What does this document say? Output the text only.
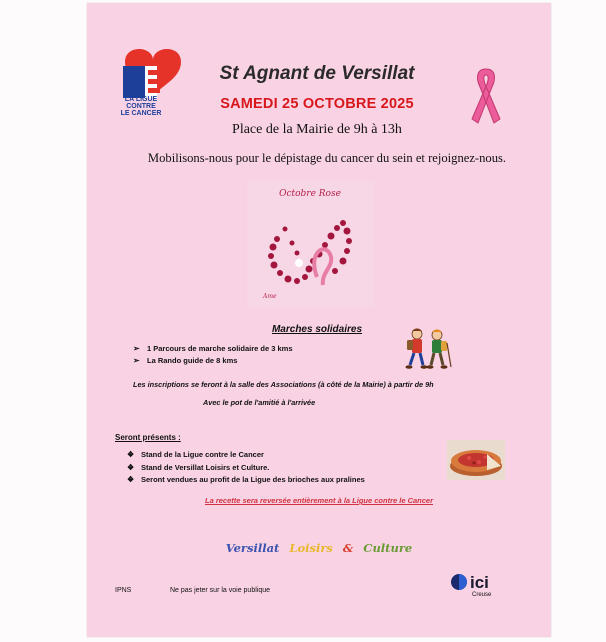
LA LIGUE
CONTRE
LE CANCER
St Agnant de Versillat
SAMEDI 25 OCTOBRE 2025
Place de la Mairie de 9h à 13h
Mobilisons-nous pour le dépistage du cancer du sein et rejoignez-nous.
Octobre Rose
Ame
Marches solidaires
➢ 1 Parcours de marche solidaire de 3 kms
➢ La Rando guide de 8 kms
Les inscriptions se feront à la salle des Associations (à côté de la Mairie) à partir de 9h
Avec le pot de l'amitié à l'arrivée
Seront présents :
❖ Stand de la Ligue contre le Cancer
❖ Stand de Versillat Loisirs et Culture.
❖ Seront vendues au profit de la Ligue des brioches aux pralines
La recette sera reversée entièrement à la Ligue contre le Cancer
Versillat Loisirs & Culture
IPNS	Ne pas jeter sur la voie publique	ici
Creuse
